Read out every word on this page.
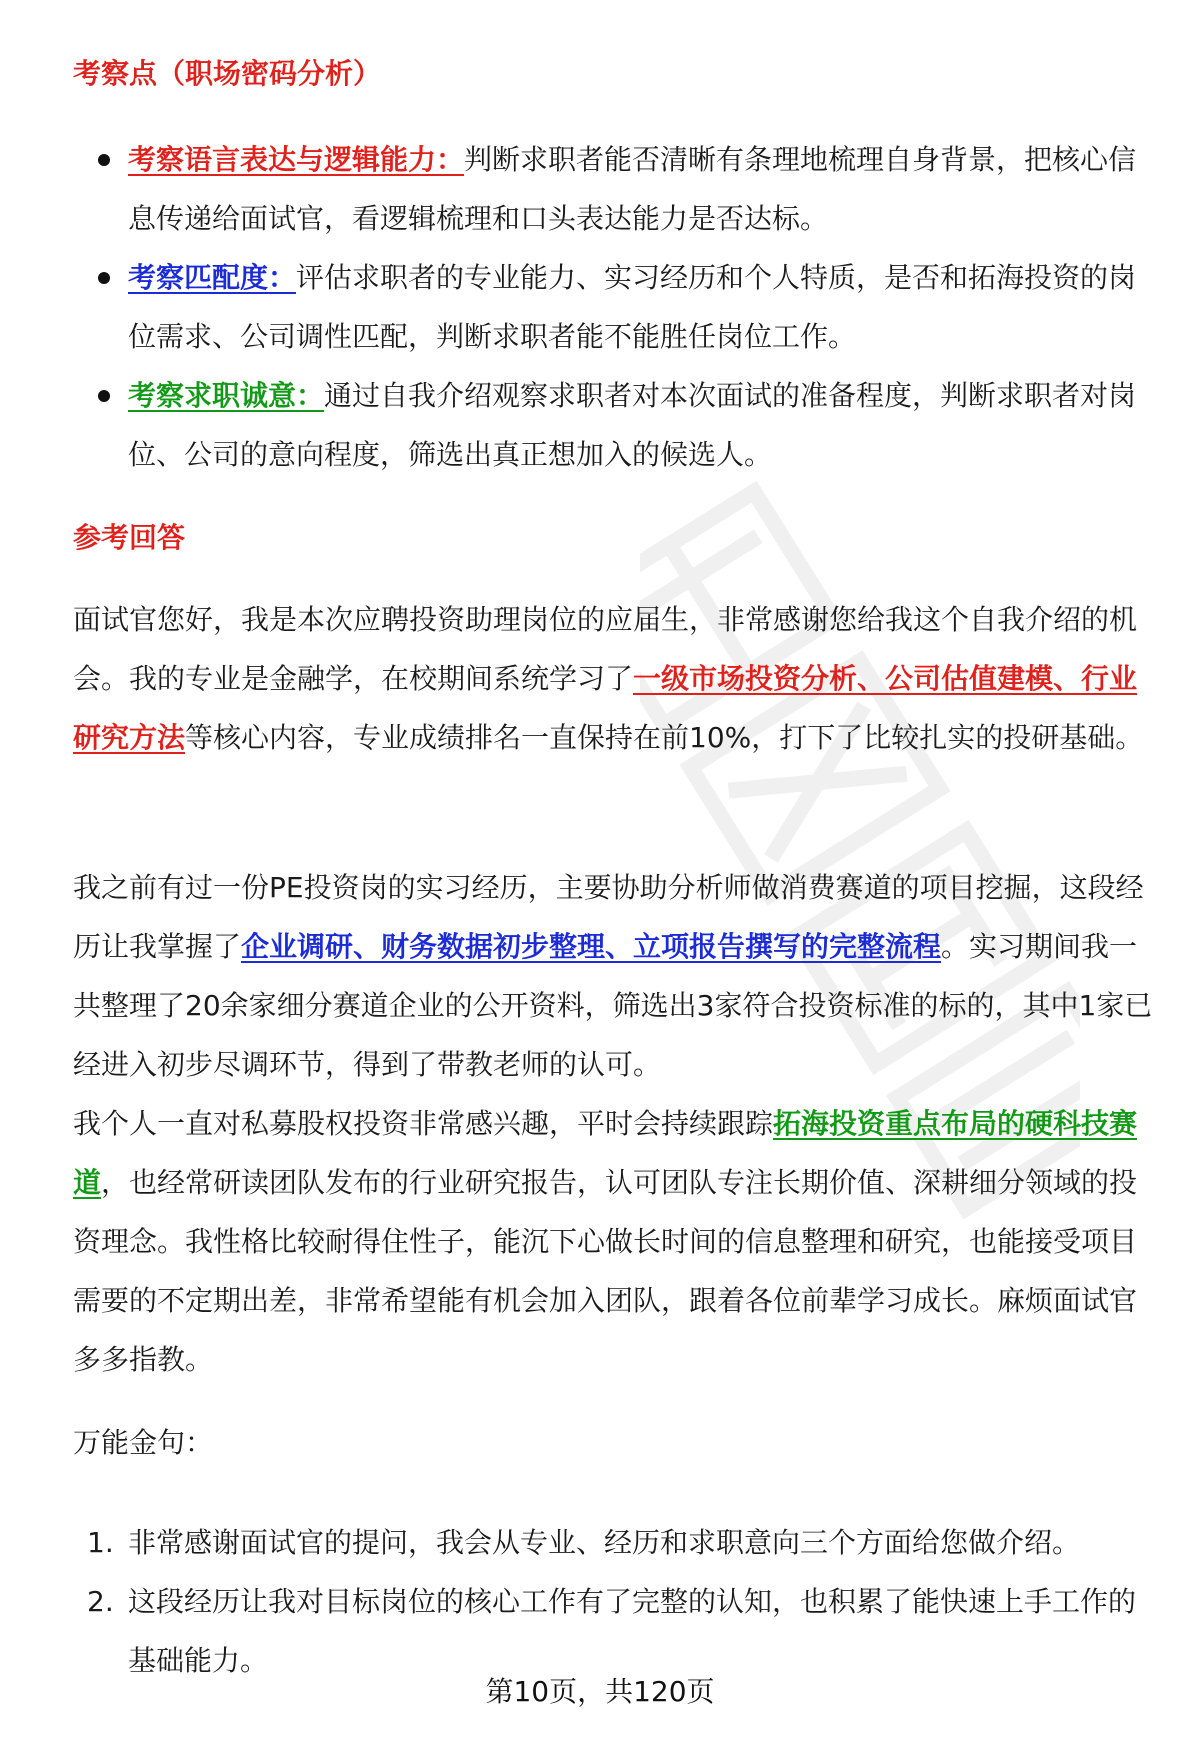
考察点（职场密码分析）
考察语言表达与逻辑能力：判断求职者能否清晰有条理地梳理自身背景，把核心信息传递给面试官，看逻辑梳理和口头表达能力是否达标。
考察匹配度：评估求职者的专业能力、实习经历和个人特质，是否和拓海投资的岗位需求、公司调性匹配，判断求职者能不能胜任岗位工作。
考察求职诚意：通过自我介绍观察求职者对本次面试的准备程度，判断求职者对岗位、公司的意向程度，筛选出真正想加入的候选人。
参考回答
面试官您好，我是本次应聘投资助理岗位的应届生，非常感谢您给我这个自我介绍的机会。我的专业是金融学，在校期间系统学习了一级市场投资分析、公司估值建模、行业研究方法等核心内容，专业成绩排名一直保持在前10%，打下了比较扎实的投研基础。
我之前有过一份PE投资岗的实习经历，主要协助分析师做消费赛道的项目挖掘，这段经历让我掌握了企业调研、财务数据初步整理、立项报告撰写的完整流程。实习期间我一共整理了20余家细分赛道企业的公开资料，筛选出3家符合投资标准的标的，其中1家已经进入初步尽调环节，得到了带教老师的认可。
我个人一直对私募股权投资非常感兴趣，平时会持续跟踪拓海投资重点布局的硬科技赛道，也经常研读团队发布的行业研究报告，认可团队专注长期价值、深耕细分领域的投资理念。我性格比较耐得住性子，能沉下心做长时间的信息整理和研究，也能接受项目需要的不定期出差，非常希望能有机会加入团队，跟着各位前辈学习成长。麻烦面试官多多指教。
万能金句：
1. 非常感谢面试官的提问，我会从专业、经历和求职意向三个方面给您做介绍。
2. 这段经历让我对目标岗位的核心工作有了完整的认知，也积累了能快速上手工作的基础能力。
第10页，共120页
